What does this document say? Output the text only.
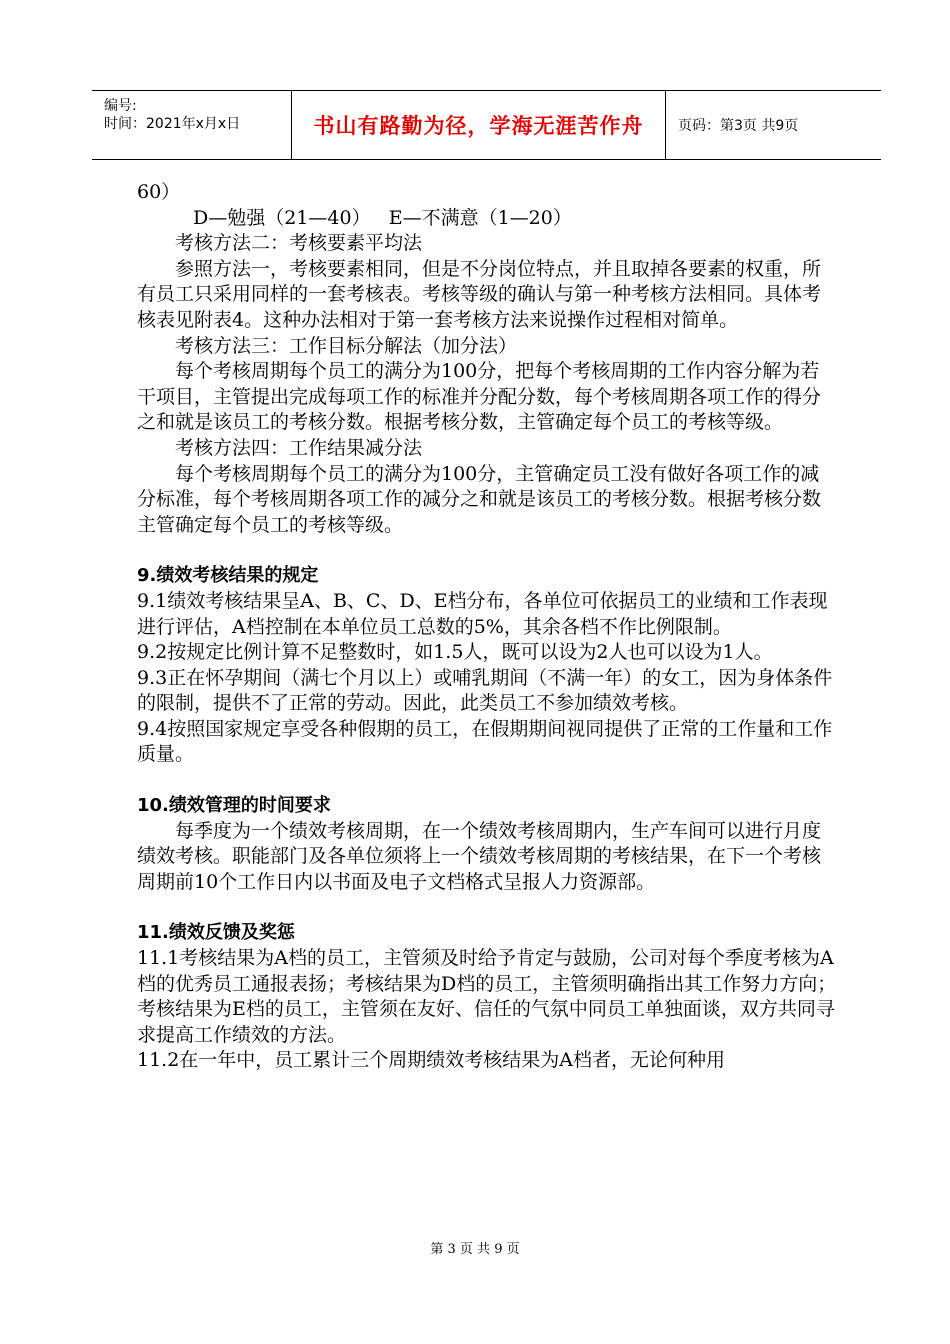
编号:
时间：2021年x月x日	书山有路勤为径，学海无涯苦作舟	页码：第3页 共9页

60）

D—勉强（21—40）   E—不满意（1—20）

考核方法二：考核要素平均法

参照方法一，考核要素相同，但是不分岗位特点，并且取掉各要素的权重，所有员工只采用同样的一套考核表。考核等级的确认与第一种考核方法相同。具体考核表见附表4。这种办法相对于第一套考核方法来说操作过程相对简单。

考核方法三：工作目标分解法（加分法）

每个考核周期每个员工的满分为100分，把每个考核周期的工作内容分解为若干项目，主管提出完成每项工作的标准并分配分数，每个考核周期各项工作的得分之和就是该员工的考核分数。根据考核分数，主管确定每个员工的考核等级。

考核方法四：工作结果减分法

每个考核周期每个员工的满分为100分，主管确定员工没有做好各项工作的减分标准，每个考核周期各项工作的减分之和就是该员工的考核分数。根据考核分数主管确定每个员工的考核等级。

9.绩效考核结果的规定

9.1绩效考核结果呈A、B、C、D、E档分布，各单位可依据员工的业绩和工作表现进行评估，A档控制在本单位员工总数的5%，其余各档不作比例限制。

9.2按规定比例计算不足整数时，如1.5人，既可以设为2人也可以设为1人。

9.3正在怀孕期间（满七个月以上）或哺乳期间（不满一年）的女工，因为身体条件的限制，提供不了正常的劳动。因此，此类员工不参加绩效考核。

9.4按照国家规定享受各种假期的员工，在假期期间视同提供了正常的工作量和工作质量。

10.绩效管理的时间要求

每季度为一个绩效考核周期，在一个绩效考核周期内，生产车间可以进行月度绩效考核。职能部门及各单位须将上一个绩效考核周期的考核结果，在下一个考核周期前10个工作日内以书面及电子文档格式呈报人力资源部。

11.绩效反馈及奖惩

11.1考核结果为A档的员工，主管须及时给予肯定与鼓励，公司对每个季度考核为A档的优秀员工通报表扬；考核结果为D档的员工，主管须明确指出其工作努力方向；考核结果为E档的员工，主管须在友好、信任的气氛中同员工单独面谈，双方共同寻求提高工作绩效的方法。

11.2在一年中，员工累计三个周期绩效考核结果为A档者，无论何种用

第 3 页 共 9 页
